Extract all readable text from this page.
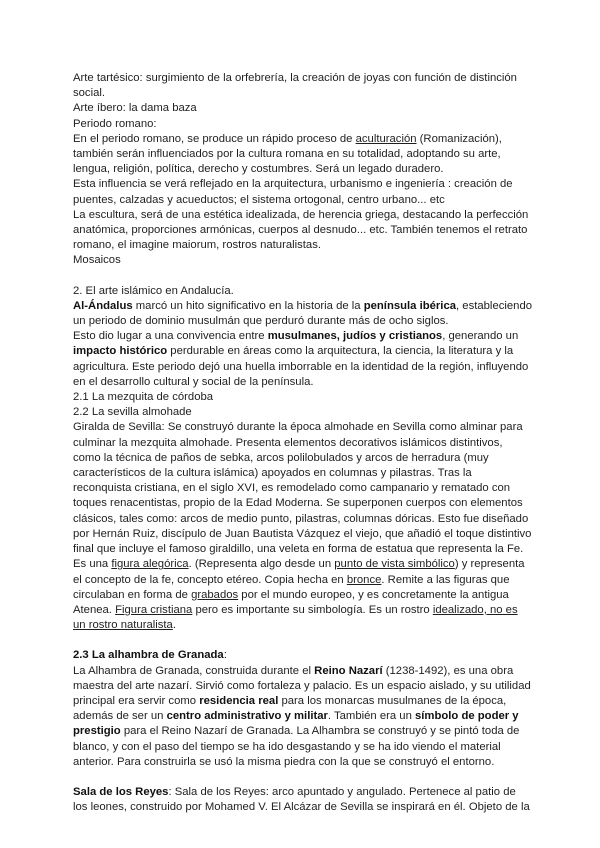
Arte tartésico: surgimiento de la orfebrería, la creación de joyas con función de distinción social.

Arte íbero: la dama baza

Periodo romano:

En el periodo romano, se produce un rápido proceso de aculturación (Romanización), también serán influenciados por la cultura romana en su totalidad, adoptando su arte, lengua, religión, política, derecho y costumbres. Será un legado duradero.

Esta influencia se verá reflejado en la arquitectura, urbanismo e ingeniería : creación de puentes, calzadas y acueductos; el sistema ortogonal, centro urbano... etc

La escultura, será de una estética idealizada, de herencia griega, destacando la perfección anatómica, proporciones armónicas, cuerpos al desnudo... etc. También tenemos el retrato romano, el imagine maiorum, rostros naturalistas.

Mosaicos

2. El arte islámico en Andalucía.

Al-Ándalus marcó un hito significativo en la historia de la península ibérica, estableciendo un periodo de dominio musulmán que perduró durante más de ocho siglos.

Esto dio lugar a una convivencia entre musulmanes, judíos y cristianos, generando un impacto histórico perdurable en áreas como la arquitectura, la ciencia, la literatura y la agricultura. Este periodo dejó una huella imborrable en la identidad de la región, influyendo en el desarrollo cultural y social de la península.

2.1 La mezquita de córdoba

2.2 La sevilla almohade

Giralda de Sevilla: Se construyó durante la época almohade en Sevilla como alminar para culminar la mezquita almohade. Presenta elementos decorativos islámicos distintivos, como la técnica de paños de sebka, arcos polilobulados y arcos de herradura (muy característicos de la cultura islámica) apoyados en columnas y pilastras. Tras la reconquista cristiana, en el siglo XVI, es remodelado como campanario y rematado con toques renacentistas, propio de la Edad Moderna. Se superponen cuerpos con elementos clásicos, tales como: arcos de medio punto, pilastras, columnas dóricas. Esto fue diseñado por Hernán Ruiz, discípulo de Juan Bautista Vázquez el viejo, que añadió el toque distintivo final que incluye el famoso giraldillo, una veleta en forma de estatua que representa la Fe. Es una figura alegórica. (Representa algo desde un punto de vista simbólico) y representa el concepto de la fe, concepto etéreo. Copia hecha en bronce. Remite a las figuras que circulaban en forma de grabados por el mundo europeo, y es concretamente la antigua Atenea. Figura cristiana pero es importante su simbología. Es un rostro idealizado, no es un rostro naturalista.

2.3 La alhambra de Granada:

La Alhambra de Granada, construida durante el Reino Nazarí (1238-1492), es una obra maestra del arte nazarí. Sirvió como fortaleza y palacio. Es un espacio aislado, y su utilidad principal era servir como residencia real para los monarcas musulmanes de la época, además de ser un centro administrativo y militar. También era un símbolo de poder y prestigio para el Reino Nazarí de Granada. La Alhambra se construyó y se pintó toda de blanco, y con el paso del tiempo se ha ido desgastando y se ha ido viendo el material anterior. Para construirla se usó la misma piedra con la que se construyó el entorno.

Sala de los Reyes: Sala de los Reyes: arco apuntado y angulado. Pertenece al patio de los leones, construido por Mohamed V. El Alcázar de Sevilla se inspirará en él. Objeto de la
